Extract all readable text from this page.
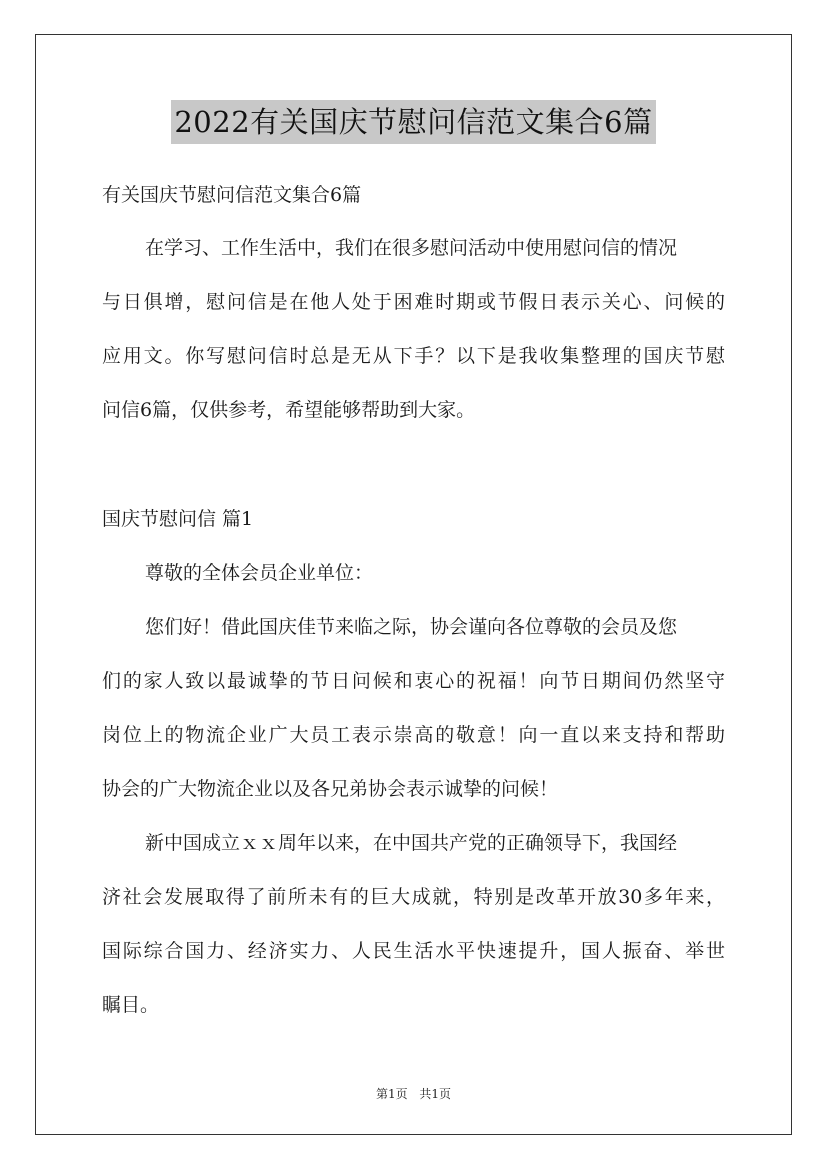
2022有关国庆节慰问信范文集合6篇
有关国庆节慰问信范文集合6篇
在学习、工作生活中，我们在很多慰问活动中使用慰问信的情况
与日俱增，慰问信是在他人处于困难时期或节假日表示关心、问候的
应用文。你写慰问信时总是无从下手？以下是我收集整理的国庆节慰
问信6篇，仅供参考，希望能够帮助到大家。
国庆节慰问信 篇1
尊敬的全体会员企业单位：
您们好！借此国庆佳节来临之际，协会谨向各位尊敬的会员及您
们的家人致以最诚挚的节日问候和衷心的祝福！向节日期间仍然坚守
岗位上的物流企业广大员工表示崇高的敬意！向一直以来支持和帮助
协会的广大物流企业以及各兄弟协会表示诚挚的问候！
新中国成立ｘｘ周年以来，在中国共产党的正确领导下，我国经
济社会发展取得了前所未有的巨大成就，特别是改革开放30多年来，
国际综合国力、经济实力、人民生活水平快速提升，国人振奋、举世
瞩目。
第1页 共1页
